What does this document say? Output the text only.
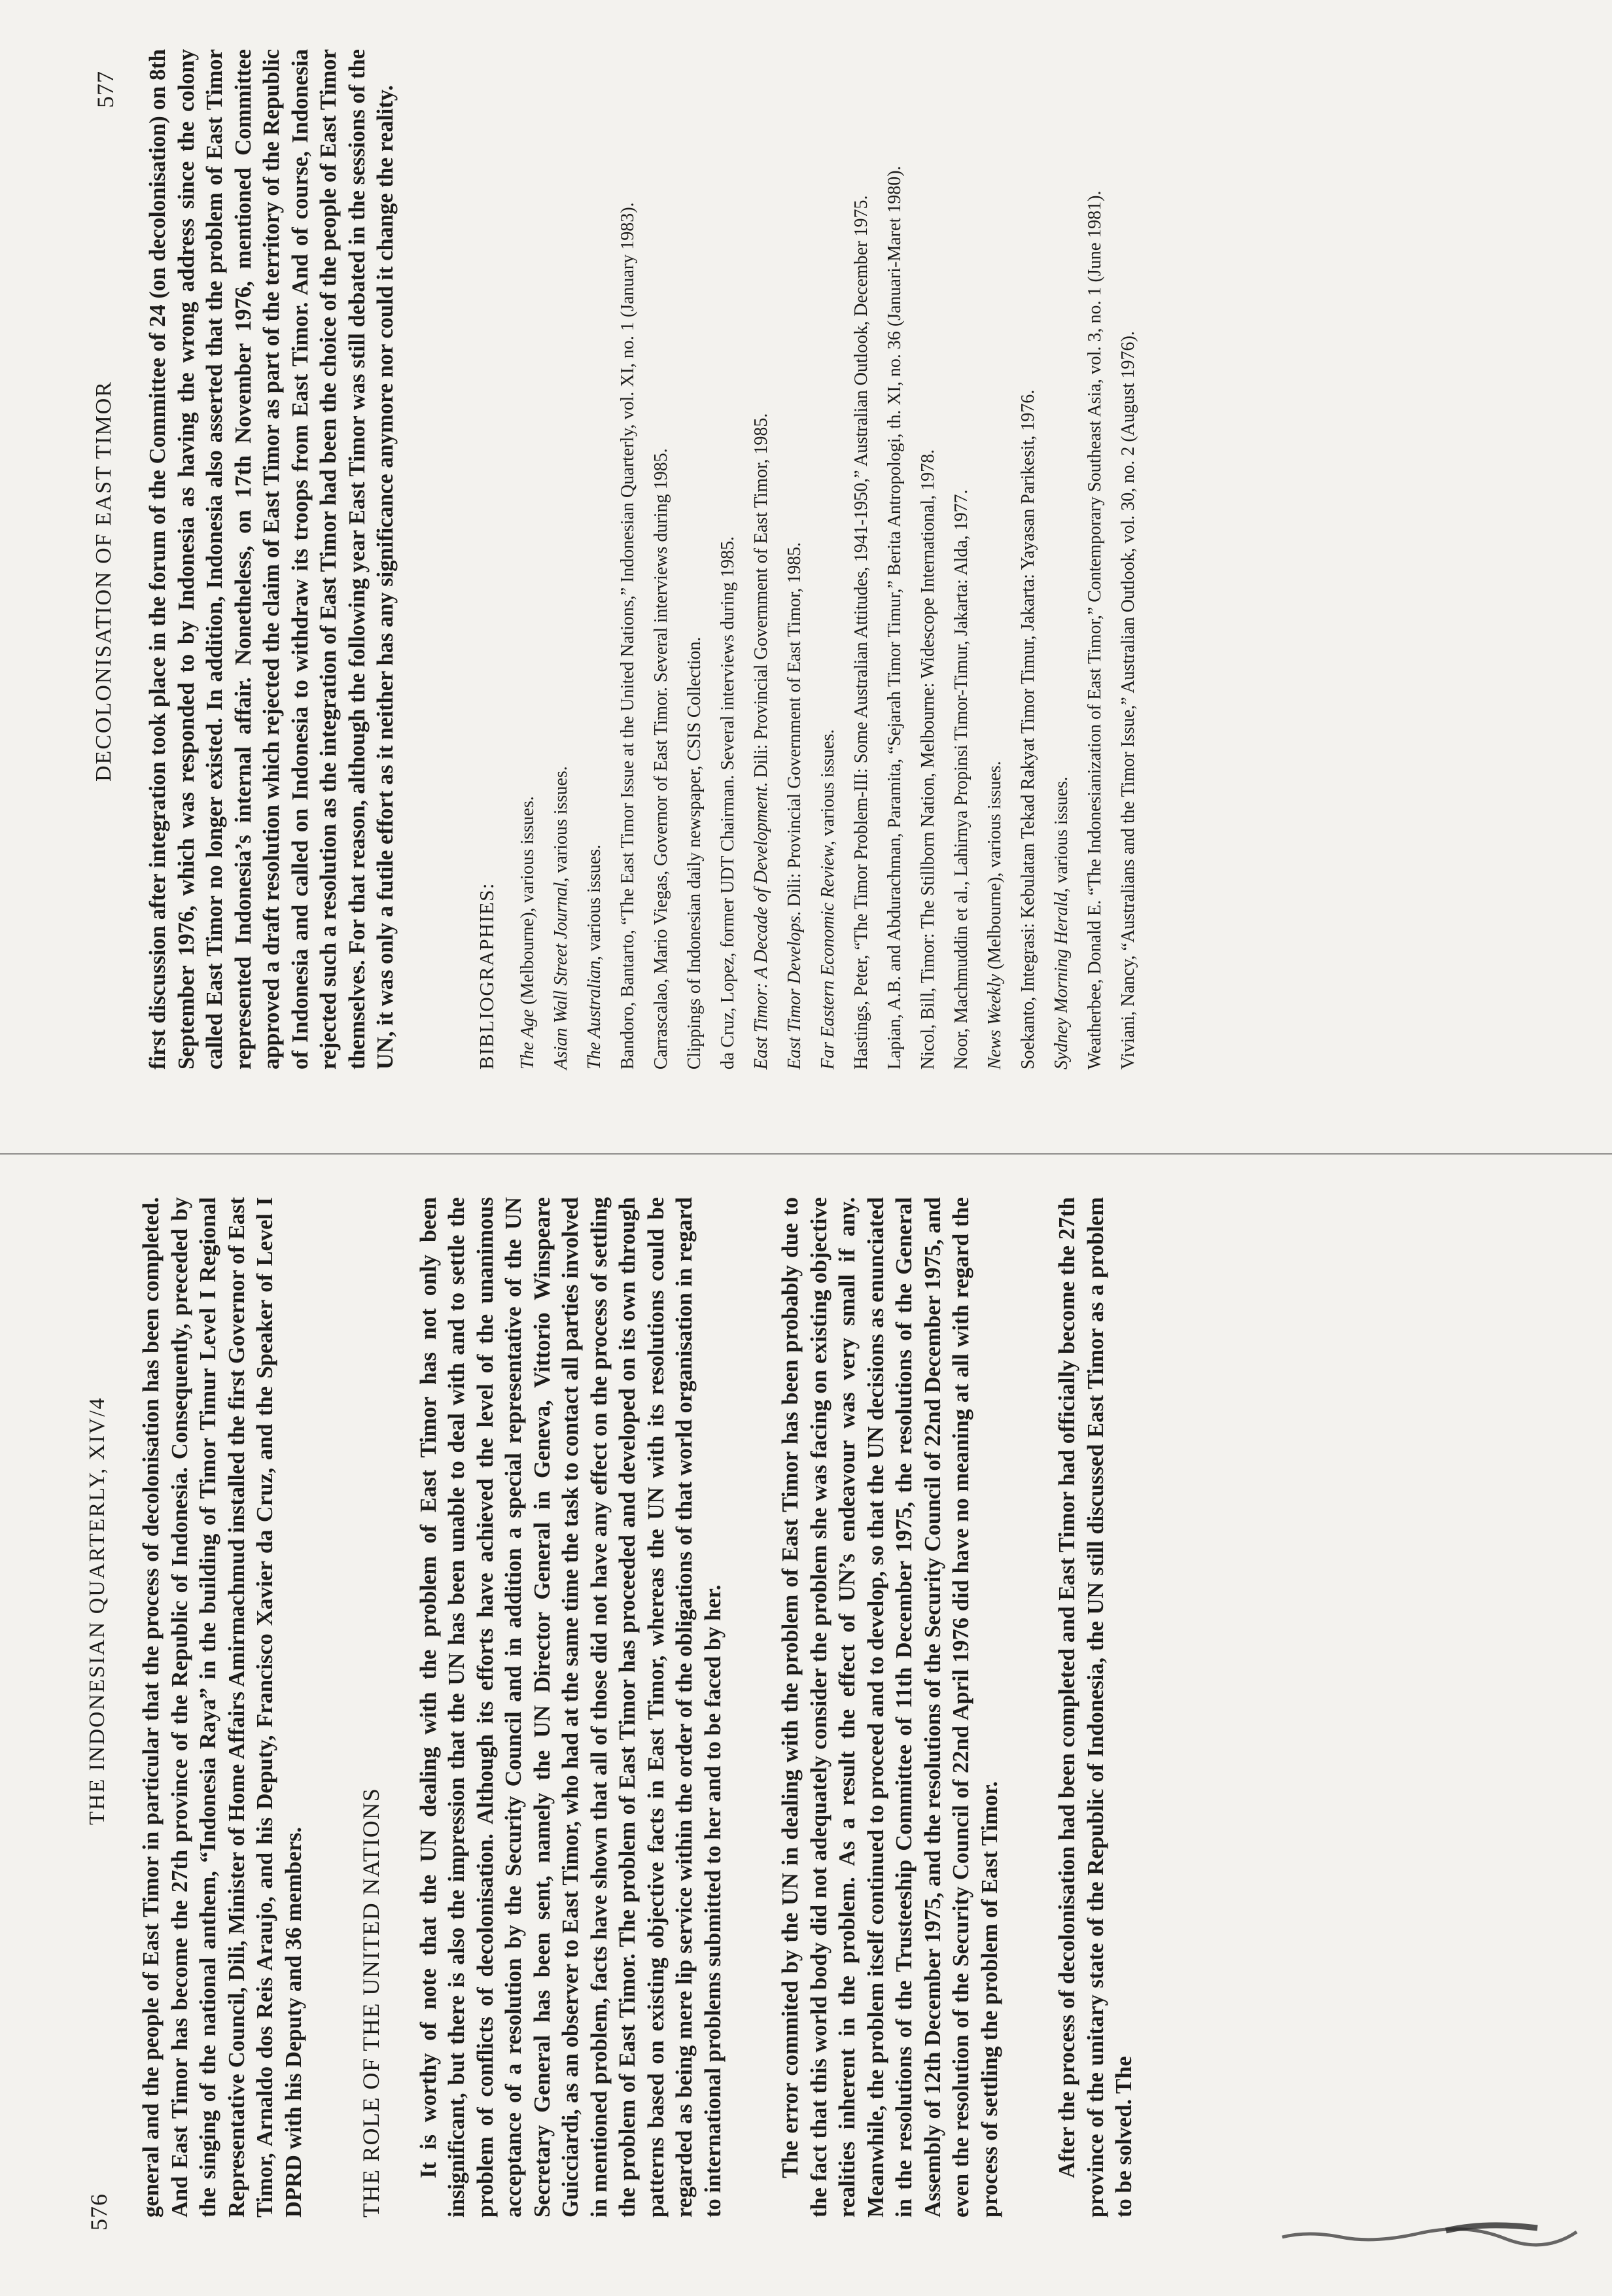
576
THE INDONESIAN QUARTERLY, XIV/4 general and the people of East Timor in particular that the process of decolonisation has been completed. And East Timor has become the 27th province of the Republic of Indonesia. Consequently, preceded by the singing of the national anthem, “Indonesia Raya” in the building of Timor Timur Level I Regional Representative Council, Dili, Minister of Home Affairs Amirmachmud installed the first Governor of East Timor, Arnaldo dos Reis Araujo, and his Deputy, Francisco Xavier da Cruz, and the Speaker of Level I DPRD with his Deputy and 36 members. THE ROLE OF THE UNITED NATIONS It is worthy of note that the UN dealing with the problem of East Timor has not only been insignificant, but there is also the impression that the UN has been unable to deal with and to settle the problem of conflicts of decolonisation. Although its efforts have achieved the level of the unanimous acceptance of a resolution by the Security Council and in addition a special representative of the UN Secretary General has been sent, namely the UN Director General in Geneva, Vittorio Winspeare Guicciardi, as an observer to East Timor, who had at the same time the task to contact all parties involved in mentioned problem, facts have shown that all of those did not have any effect on the process of settling the problem of East Timor. The problem of East Timor has proceeded and developed on its own through patterns based on existing objective facts in East Timor, whereas the UN with its resolutions could be regarded as being mere lip service within the order of the obligations of that world organisation in regard to international problems submitted to her and to be faced by her. The error commited by the UN in dealing with the problem of East Timor has been probably due to the fact that this world body did not adequately consider the problem she was facing on existing objective realities inherent in the problem. As a result the effect of UN’s endeavour was very small if any. Meanwhile, the problem itself continued to proceed and to develop, so that the UN decisions as enunciated in the resolutions of the Trusteeship Committee of 11th December 1975, the resolutions of the General Assembly of 12th December 1975, and the resolutions of the Security Council of 22nd December 1975, and even the resolution of the Security Council of 22nd April 1976 did have no meaning at all with regard the process of settling the problem of East Timor. After the process of decolonisation had been completed and East Timor had officially become the 27th province of the unitary state of the Republic of Indonesia, the UN still discussed East Timor as a problem to be solved. The

DECOLONISATION OF EAST TIMOR
577 first discussion after integration took place in the forum of the Committee of 24 (on decolonisation) on 8th September 1976, which was responded to by Indonesia as having the wrong address since the colony called East Timor no longer existed. In addition, Indonesia also asserted that the problem of East Timor represented Indonesia’s internal affair. Nonetheless, on 17th November 1976, mentioned Committee approved a draft resolution which rejected the claim of East Timor as part of the territory of the Republic of Indonesia and called on Indonesia to withdraw its troops from East Timor. And of course, Indonesia rejected such a resolution as the integration of East Timor had been the choice of the people of East Timor themselves. For that reason, although the following year East Timor was still debated in the sessions of the UN, it was only a futile effort as it neither has any significance anymore nor could it change the reality.	BIBLIOGRAPHIES: The Age (Melbourne), various issues. Asian Wall Street Journal, various issues.
The Australian, various issues. Bandoro, Bantarto, “The East Timor Issue at the United Nations,” Indonesian Quarterly, vol. XI, no. 1 (January 1983). Carrascalao, Mario Viegas, Governor of East Timor. Several interviews during 1985. Clippings of Indonesian daily newspaper, CSIS Collection. da Cruz, Lopez, former UDT Chairman. Several interviews during 1985. East Timor: A Decade of Development. Dili: Provincial Government of East Timor, 1985.
East Timor Develops. Dili: Provincial Government of East Timor, 1985.
Far Eastern Economic Review, various issues. Hastings, Peter, “The Timor Problem-III: Some Australian Attitudes, 1941-1950,” Australian Outlook, December 1975. Lapian, A.B. and Abdurachman, Paramita, “Sejarah Timor Timur,” Berita Antropologi, th. XI, no. 36 (Januari-Maret 1980). Nicol, Bill, Timor: The Stillborn Nation, Melbourne: Widescope International, 1978. Noor, Machmuddin et al., Lahirnya Propinsi Timor-Timur, Jakarta: Alda, 1977. News Weekly (Melbourne), various issues. Soekanto, Integrasi: Kebulatan Tekad Rakyat Timor Timur, Jakarta: Yayasan Parikesit, 1976. Sydney Morning Herald, various issues. Weatherbee, Donald E. “The Indonesianization of East Timor,” Contemporary Southeast Asia, vol. 3, no. 1 (June 1981). Viviani, Nancy, “Australians and the Timor Issue,” Australian Outlook, vol. 30, no. 2 (August 1976).
